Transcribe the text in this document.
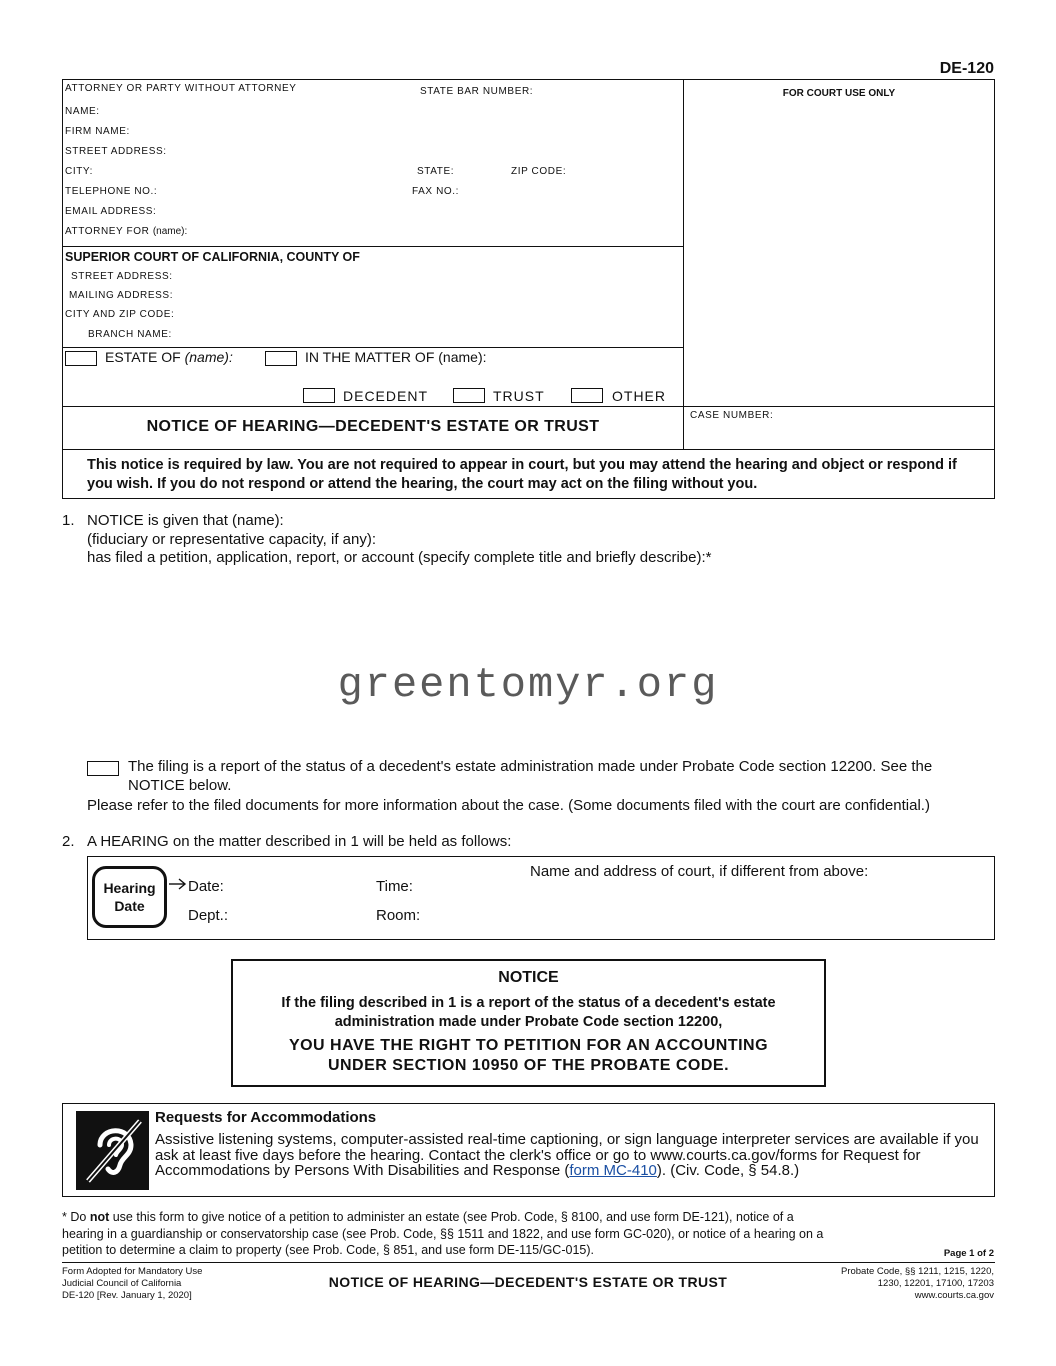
DE-120
ATTORNEY OR PARTY WITHOUT ATTORNEY	STATE BAR NUMBER:
NAME:
FIRM NAME:
STREET ADDRESS:
CITY:	STATE:	ZIP CODE:
TELEPHONE NO.:	FAX NO.:
EMAIL ADDRESS:
ATTORNEY FOR (name):
FOR COURT USE ONLY
SUPERIOR COURT OF CALIFORNIA, COUNTY OF
STREET ADDRESS:
MAILING ADDRESS:
CITY AND ZIP CODE:
BRANCH NAME:
ESTATE OF (name):	IN THE MATTER OF (name):
DECEDENT	TRUST	OTHER
NOTICE OF HEARING—DECEDENT'S ESTATE OR TRUST
CASE NUMBER:
This notice is required by law. You are not required to appear in court, but you may attend the hearing and object or respond if you wish. If you do not respond or attend the hearing, the court may act on the filing without you.
1. NOTICE is given that (name):
(fiduciary or representative capacity, if any):
has filed a petition, application, report, or account (specify complete title and briefly describe):*
greentomyr.org
The filing is a report of the status of a decedent's estate administration made under Probate Code section 12200. See the
NOTICE below.
Please refer to the filed documents for more information about the case. (Some documents filed with the court are confidential.)
2. A HEARING on the matter described in 1 will be held as follows:
Hearing
Date
Date:	Time:
Dept.:	Room:
Name and address of court, if different from above:
NOTICE
If the filing described in 1 is a report of the status of a decedent's estate
administration made under Probate Code section 12200,
YOU HAVE THE RIGHT TO PETITION FOR AN ACCOUNTING
UNDER SECTION 10950 OF THE PROBATE CODE.
Requests for Accommodations
Assistive listening systems, computer-assisted real-time captioning, or sign language interpreter services are available if you ask at least five days before the hearing. Contact the clerk's office or go to www.courts.ca.gov/forms for Request for Accommodations by Persons With Disabilities and Response (form MC-410). (Civ. Code, § 54.8.)
* Do not use this form to give notice of a petition to administer an estate (see Prob. Code, § 8100, and use form DE-121), notice of a
hearing in a guardianship or conservatorship case (see Prob. Code, §§ 1511 and 1822, and use form GC-020), or notice of a hearing on a
petition to determine a claim to property (see Prob. Code, § 851, and use form DE-115/GC-015).	Page 1 of 2
Form Adopted for Mandatory Use
Judicial Council of California
DE-120 [Rev. January 1, 2020]
NOTICE OF HEARING—DECEDENT'S ESTATE OR TRUST
Probate Code, §§ 1211, 1215, 1220,
1230, 12201, 17100, 17203
www.courts.ca.gov
